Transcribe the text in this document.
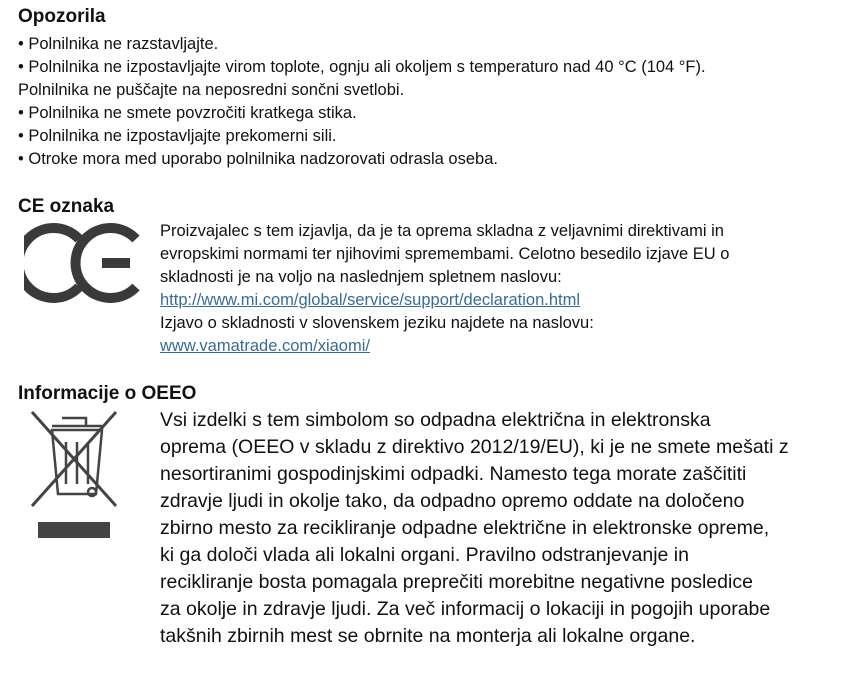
Opozorila

• Polnilnika ne razstavljajte.

• Polnilnika ne izpostavljajte virom toplote, ognju ali okoljem s temperaturo nad 40 °C (104 °F).

Polnilnika ne puščajte na neposredni sončni svetlobi.

• Polnilnika ne smete povzročiti kratkega stika.

• Polnilnika ne izpostavljajte prekomerni sili.

• Otroke mora med uporabo polnilnika nadzorovati odrasla oseba.

CE oznaka

Proizvajalec s tem izjavlja, da je ta oprema skladna z veljavnimi direktivami in

evropskimi normami ter njihovimi spremembami. Celotno besedilo izjave EU o

skladnosti je na voljo na naslednjem spletnem naslovu:

http://www.mi.com/global/service/support/declaration.html

Izjavo o skladnosti v slovenskem jeziku najdete na naslovu:

www.vamatrade.com/xiaomi/
Informacije o OEEO

Vsi izdelki s tem simbolom so odpadna električna in elektronska

oprema (OEEO v skladu z direktivo 2012/19/EU), ki je ne smete mešati z

nesortiranimi gospodinjskimi odpadki. Namesto tega morate zaščititi

zdravje ljudi in okolje tako, da odpadno opremo oddate na določeno

zbirno mesto za recikliranje odpadne električne in elektronske opreme,

ki ga določi vlada ali lokalni organi. Pravilno odstranjevanje in

recikliranje bosta pomagala preprečiti morebitne negativne posledice

za okolje in zdravje ljudi. Za več informacij o lokaciji in pogojih uporabe

takšnih zbirnih mest se obrnite na monterja ali lokalne organe.
